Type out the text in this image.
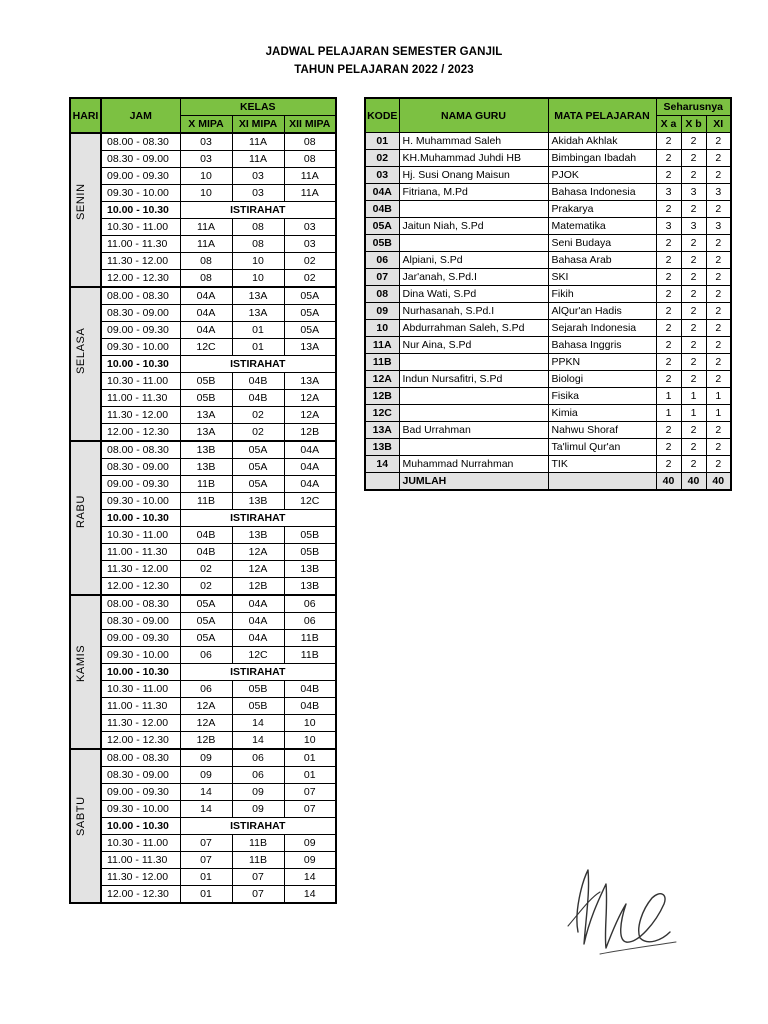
JADWAL PELAJARAN SEMESTER GANJIL
TAHUN PELAJARAN 2022 / 2023
HARI	JAM	KELAS		
		X MIPA	XI MIPA	XII MIPA

SENIN	08.00 - 08.30	03	11A	08
	08.30 - 09.00	03	11A	08
	09.00 - 09.30	10	03	11A
	09.30 - 10.00	10	03	11A
	10.00 - 10.30	ISTIRAHAT		
	10.30 - 11.00	11A	08	03
	11.00 - 11.30	11A	08	03
	11.30 - 12.00	08	10	02
	12.00 - 12.30	08	10	02

SELASA	08.00 - 08.30	04A	13A	05A
	08.30 - 09.00	04A	13A	05A
	09.00 - 09.30	04A	01	05A
	09.30 - 10.00	12C	01	13A
	10.00 - 10.30	ISTIRAHAT		
	10.30 - 11.00	05B	04B	13A
	11.00 - 11.30	05B	04B	12A
	11.30 - 12.00	13A	02	12A
	12.00 - 12.30	13A	02	12B

RABU	08.00 - 08.30	13B	05A	04A
	08.30 - 09.00	13B	05A	04A
	09.00 - 09.30	11B	05A	04A
	09.30 - 10.00	11B	13B	12C
	10.00 - 10.30	ISTIRAHAT		
	10.30 - 11.00	04B	13B	05B
	11.00 - 11.30	04B	12A	05B
	11.30 - 12.00	02	12A	13B
	12.00 - 12.30	02	12B	13B

KAMIS	08.00 - 08.30	05A	04A	06
	08.30 - 09.00	05A	04A	06
	09.00 - 09.30	05A	04A	11B
	09.30 - 10.00	06	12C	11B
	10.00 - 10.30	ISTIRAHAT		
	10.30 - 11.00	06	05B	04B
	11.00 - 11.30	12A	05B	04B
	11.30 - 12.00	12A	14	10
	12.00 - 12.30	12B	14	10

SABTU	08.00 - 08.30	09	06	01
	08.30 - 09.00	09	06	01
	09.00 - 09.30	14	09	07
	09.30 - 10.00	14	09	07
	10.00 - 10.30	ISTIRAHAT		
	10.30 - 11.00	07	11B	09
	11.00 - 11.30	07	11B	09
	11.30 - 12.00	01	07	14
	12.00 - 12.30	01	07	14
KODE	NAMA GURU	MATA PELAJARAN	Seharusnya		
			X a	X b	XI
01	H. Muhammad Saleh	Akidah Akhlak	2	2	2
02	KH.Muhammad Juhdi HB	Bimbingan Ibadah	2	2	2
03	Hj. Susi Onang Maisun	PJOK	2	2	2
04A	Fitriana, M.Pd	Bahasa Indonesia	3	3	3
04B		Prakarya	2	2	2
05A	Jaitun Niah, S.Pd	Matematika	3	3	3
05B		Seni Budaya	2	2	2
06	Alpiani, S.Pd	Bahasa Arab	2	2	2
07	Jar'anah, S.Pd.I	SKI	2	2	2
08	Dina Wati, S.Pd	Fikih	2	2	2
09	Nurhasanah, S.Pd.I	AlQur'an Hadis	2	2	2
10	Abdurrahman Saleh, S.Pd	Sejarah Indonesia	2	2	2
11A	Nur Aina, S.Pd	Bahasa Inggris	2	2	2
11B		PPKN	2	2	2
12A	Indun Nursafitri, S.Pd	Biologi	2	2	2
12B		Fisika	1	1	1
12C		Kimia	1	1	1
13A	Bad Urrahman	Nahwu Shoraf	2	2	2
13B		Ta'limul Qur'an	2	2	2
14	Muhammad Nurrahman	TIK	2	2	2
	JUMLAH		40	40	40
